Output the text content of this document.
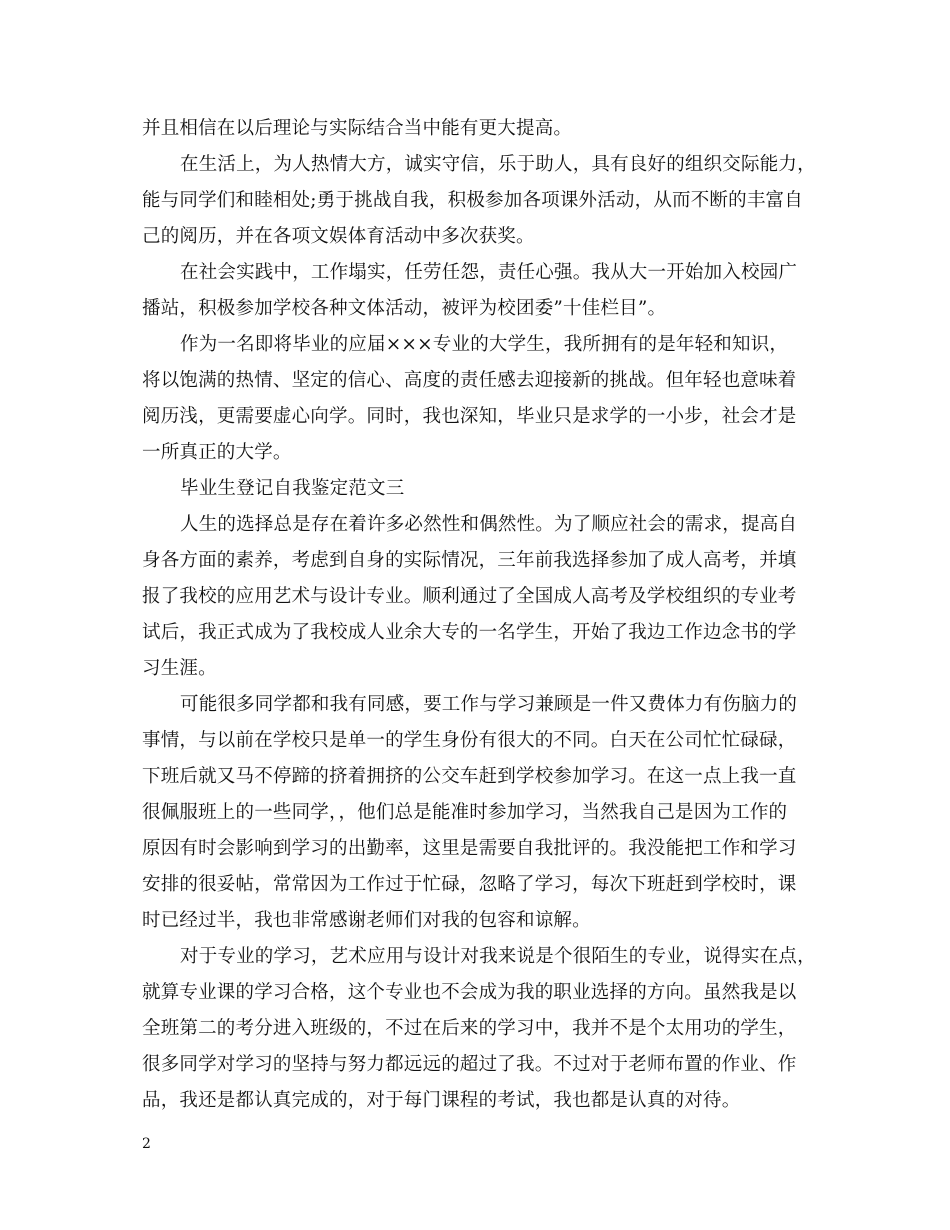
并且相信在以后理论与实际结合当中能有更大提高。
在生活上，为人热情大方，诚实守信，乐于助人，具有良好的组织交际能力，
能与同学们和睦相处;勇于挑战自我，积极参加各项课外活动，从而不断的丰富自
己的阅历，并在各项文娱体育活动中多次获奖。
在社会实践中，工作塌实，任劳任怨，责任心强。我从大一开始加入校园广
播站，积极参加学校各种文体活动，被评为校团委”十佳栏目”。
作为一名即将毕业的应届×××专业的大学生，我所拥有的是年轻和知识，
将以饱满的热情、坚定的信心、高度的责任感去迎接新的挑战。但年轻也意味着
阅历浅，更需要虚心向学。同时，我也深知，毕业只是求学的一小步，社会才是
一所真正的大学。
毕业生登记自我鉴定范文三
人生的选择总是存在着许多必然性和偶然性。为了顺应社会的需求，提高自
身各方面的素养，考虑到自身的实际情况，三年前我选择参加了成人高考，并填
报了我校的应用艺术与设计专业。顺利通过了全国成人高考及学校组织的专业考
试后，我正式成为了我校成人业余大专的一名学生，开始了我边工作边念书的学
习生涯。
可能很多同学都和我有同感，要工作与学习兼顾是一件又费体力有伤脑力的
事情，与以前在学校只是单一的学生身份有很大的不同。白天在公司忙忙碌碌，
下班后就又马不停蹄的挤着拥挤的公交车赶到学校参加学习。在这一点上我一直
很佩服班上的一些同学，，他们总是能准时参加学习，当然我自己是因为工作的
原因有时会影响到学习的出勤率，这里是需要自我批评的。我没能把工作和学习
安排的很妥帖，常常因为工作过于忙碌，忽略了学习，每次下班赶到学校时，课
时已经过半，我也非常感谢老师们对我的包容和谅解。
对于专业的学习，艺术应用与设计对我来说是个很陌生的专业，说得实在点，
就算专业课的学习合格，这个专业也不会成为我的职业选择的方向。虽然我是以
全班第二的考分进入班级的，不过在后来的学习中，我并不是个太用功的学生，
很多同学对学习的坚持与努力都远远的超过了我。不过对于老师布置的作业、作
品，我还是都认真完成的，对于每门课程的考试，我也都是认真的对待。
2
